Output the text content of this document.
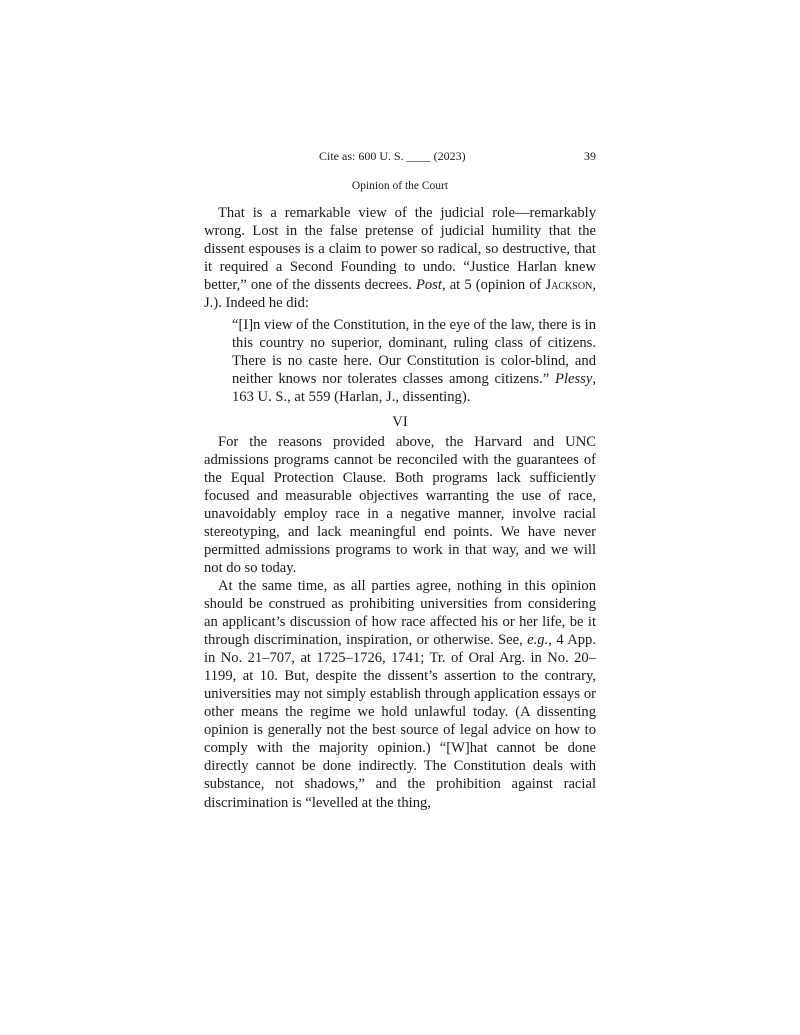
Cite as: 600 U. S. ____ (2023)	39
Opinion of the Court

That is a remarkable view of the judicial role—remarkably wrong. Lost in the false pretense of judicial humility that the dissent espouses is a claim to power so radical, so destructive, that it required a Second Founding to undo. “Justice Harlan knew better,” one of the dissents decrees. Post, at 5 (opinion of Jackson, J.). Indeed he did:

“[I]n view of the Constitution, in the eye of the law, there is in this country no superior, dominant, ruling class of citizens. There is no caste here. Our Constitution is color-blind, and neither knows nor tolerates classes among citizens.” Plessy, 163 U. S., at 559 (Harlan, J., dissenting).
VI

For the reasons provided above, the Harvard and UNC admissions programs cannot be reconciled with the guarantees of the Equal Protection Clause. Both programs lack sufficiently focused and measurable objectives warranting the use of race, unavoidably employ race in a negative manner, involve racial stereotyping, and lack meaningful end points. We have never permitted admissions programs to work in that way, and we will not do so today.

At the same time, as all parties agree, nothing in this opinion should be construed as prohibiting universities from considering an applicant’s discussion of how race affected his or her life, be it through discrimination, inspiration, or otherwise. See, e.g., 4 App. in No. 21–707, at 1725–1726, 1741; Tr. of Oral Arg. in No. 20–1199, at 10. But, despite the dissent’s assertion to the contrary, universities may not simply establish through application essays or other means the regime we hold unlawful today. (A dissenting opinion is generally not the best source of legal advice on how to comply with the majority opinion.) “[W]hat cannot be done directly cannot be done indirectly. The Constitution deals with substance, not shadows,” and the prohibition against racial discrimination is “levelled at the thing,
